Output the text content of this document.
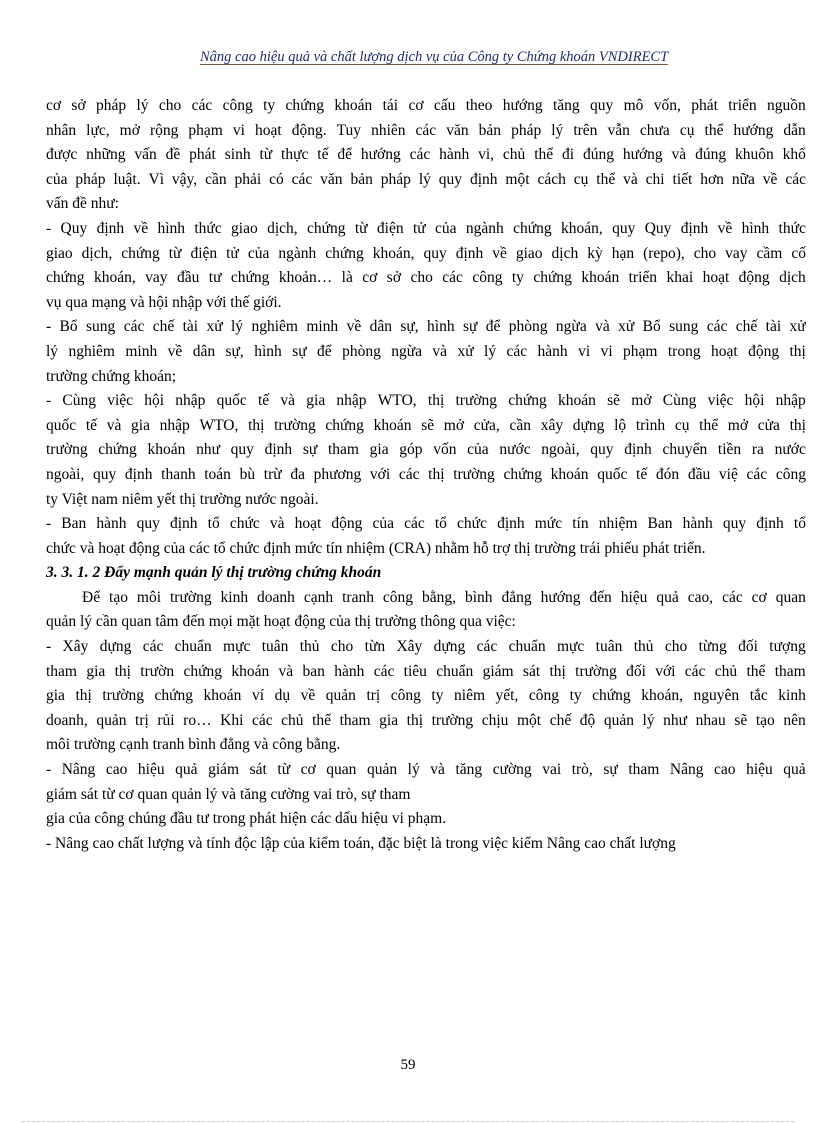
Nâng cao hiệu quả và chất lượng dịch vụ của Công ty Chứng khoán VNDIRECT
cơ sở pháp lý cho các công ty chứng khoán tái cơ cấu theo hướng tăng quy mô vốn, phát triển nguồn
nhân lực, mở rộng phạm vi hoạt động. Tuy nhiên các văn bản pháp lý trên vẫn chưa cụ thể hướng dẫn
được những vấn đề phát sinh từ thực tế để hướng các hành vi, chủ thể đi đúng hướng và đúng khuôn khổ
của pháp luật. Vì vậy, cần phải có các văn bản pháp lý quy định một cách cụ thể và chi tiết hơn nữa về các
vấn đề như:
- Quy định về hình thức giao dịch, chứng từ điện tử của ngành chứng khoán, quy Quy định về hình thức
giao dịch, chứng từ điện tử của ngành chứng khoán, quy định về giao dịch kỳ hạn (repo), cho vay cầm cố
chứng khoán, vay đầu tư chứng khoản… là cơ sở cho các công ty chứng khoán triển khai hoạt động dịch
vụ qua mạng và hội nhập với thế giới.
- Bổ sung các chế tài xử lý nghiêm minh về dân sự, hình sự để phòng ngừa và xử Bổ sung các chế tài xử
lý nghiêm minh về dân sự, hình sự để phòng ngừa và xử lý các hành vi vi phạm trong hoạt động thị
trường chứng khoán;
- Cùng việc hội nhập quốc tế và gia nhập WTO, thị trường chứng khoán sẽ mở Cùng việc hội nhập
quốc tế và gia nhập WTO, thị trường chứng khoán sẽ mở cửa, cần xây dựng lộ trình cụ thể mở cửa thị
trường chứng khoán như quy định sự tham gia góp vốn của nước ngoài, quy định chuyển tiền ra nước
ngoài, quy định thanh toán bù trừ đa phương với các thị trường chứng khoán quốc tế đón đầu việ các công
ty Việt nam niêm yết thị trường nước ngoài.
- Ban hành quy định tổ chức và hoạt động của các tổ chức định mức tín nhiệm Ban hành quy định tổ
chức và hoạt động của các tổ chức định mức tín nhiệm (CRA) nhằm hỗ trợ thị trường trái phiếu phát triển.
3. 3. 1. 2 Đẩy mạnh quản lý thị trường chứng khoán
Để tạo môi trường kinh doanh cạnh tranh công bằng, bình đẳng hướng đến hiệu quả cao, các cơ quan
quản lý cần quan tâm đến mọi mặt hoạt động của thị trường thông qua việc:
- Xây dựng các chuẩn mực tuân thủ cho từn Xây dựng các chuẩn mực tuân thủ cho từng đối tượng
tham gia thị trườn chứng khoán và ban hành các tiêu chuẩn giám sát thị trường đối với các chủ thể tham
gia thị trường chứng khoán ví dụ về quản trị công ty niêm yết, công ty chứng khoán, nguyên tắc kinh
doanh, quản trị rủi ro… Khi các chủ thể tham gia thị trường chịu một chế độ quản lý như nhau sẽ tạo nên
môi trường cạnh tranh bình đẳng và công bằng.
- Nâng cao hiệu quả giám sát từ cơ quan quản lý và tăng cường vai trò, sự tham Nâng cao hiệu quả
giám sát từ cơ quan quản lý và tăng cường vai trò, sự tham
gia của công chúng đầu tư trong phát hiện các dấu hiệu vi phạm.
- Nâng cao chất lượng và tính độc lập của kiểm toán, đặc biệt là trong việc kiểm Nâng cao chất lượng
59
